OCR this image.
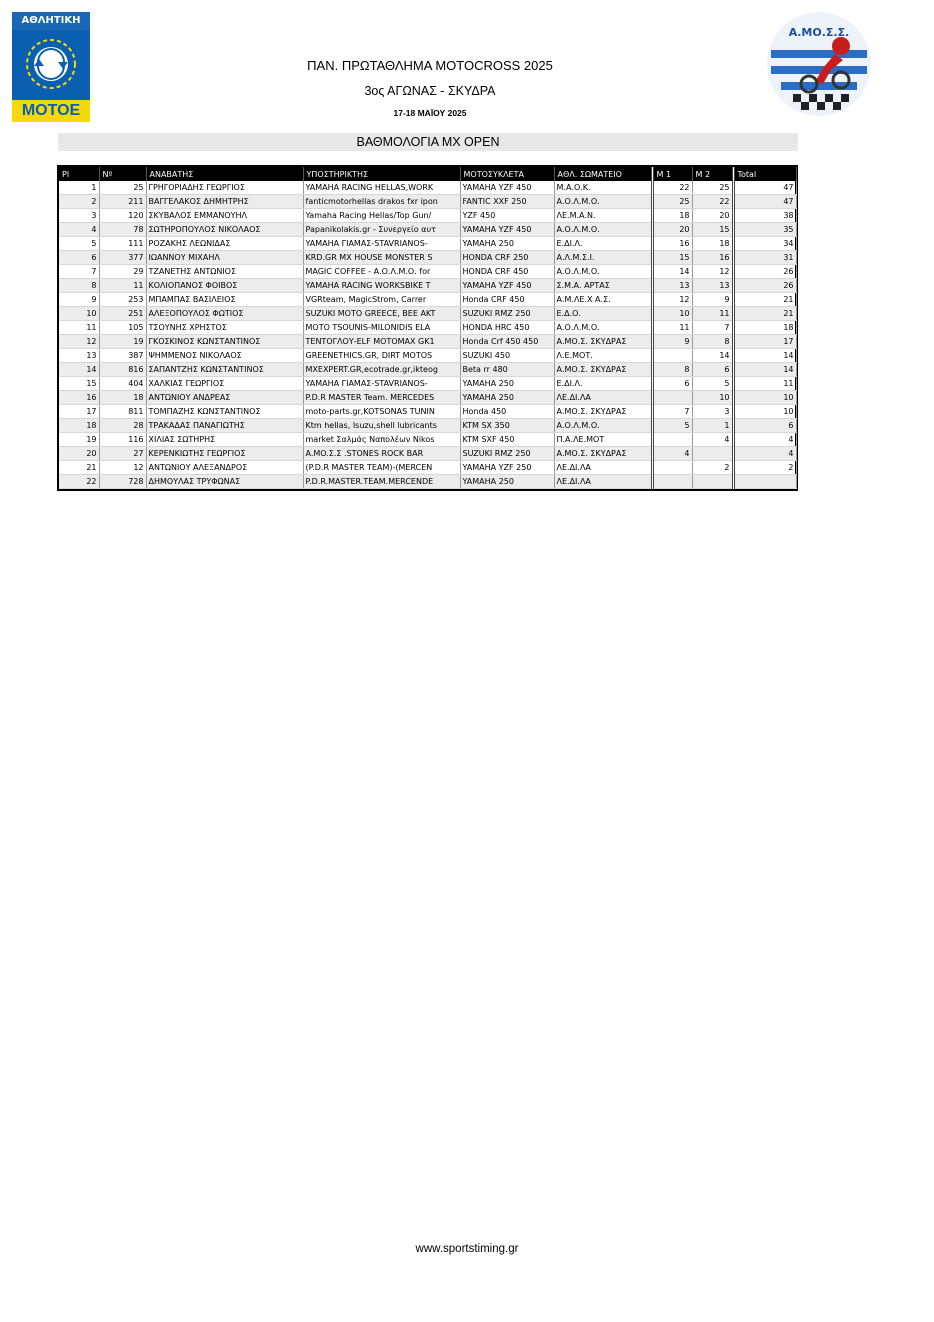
ΑΘΛΗΤΙΚΗ
ΜΟΤΟΕ
Α.ΜΟ.Σ.Σ.
ΠΑΝ. ΠΡΩΤΑΘΛΗΜΑ MOTOCROSS 2025
3ος ΑΓΩΝΑΣ - ΣΚΥΔΡΑ
17-18 ΜΑΪΟΥ 2025
ΒΑΘΜΟΛΟΓΙΑ MX OPEN
Pl	Nº	ΑΝΑΒΑΤΗΣ	ΥΠΟΣΤΗΡΙΚΤΗΣ	ΜΟΤΟΣΥΚΛΕΤΑ	ΑΘΛ. ΣΩΜΑΤΕΙΟ	M 1	M 2	Total
1	25	ΓΡΗΓΟΡΙΑΔΗΣ ΓΕΩΡΓΙΟΣ	YAMAHA RACING HELLAS,WORK	YAMAHA YZF 450	Μ.Α.Ο.Κ.	22	25	47
2	211	ΒΑΓΓΕΛΑΚΟΣ ΔΗΜΗΤΡΗΣ	fanticmotorhellas drakos fxr ipon	FANTIC XXF 250	Α.Ο.Λ.Μ.Ο.	25	22	47
3	120	ΣΚΥΒΑΛΟΣ ΕΜΜΑΝΟΥΗΛ	Yamaha Racing Hellas/Top Gun/	YZF 450	ΛΕ.Μ.Α.Ν.	18	20	38
4	78	ΣΩΤΗΡΟΠΟΥΛΟΣ ΝΙΚΟΛΑΟΣ	Papanikolakis.gr - Συνεργείο αυτ	YAMAHA YZF 450	Α.Ο.Λ.Μ.Ο.	20	15	35
5	111	ΡΟΖΑΚΗΣ ΛΕΩΝΙΔΑΣ	YAMAHA ΓΙΑΜΑΣ-STAVRIANOS-	YAMAHA 250	Ε.ΔΙ.Λ.	16	18	34
6	377	ΙΩΑΝΝΟΥ ΜΙΧΑΗΛ	KRD.GR MX HOUSE MONSTER S	HONDA CRF 250	Α.Λ.Μ.Σ.Ι.	15	16	31
7	29	ΤΖΑΝΕΤΗΣ ΑΝΤΩΝΙΟΣ	MAGIC COFFEE - Α.Ο.Λ.Μ.Ο. for	HONDA CRF 450	Α.Ο.Λ.Μ.Ο.	14	12	26
8	11	ΚΟΛΙΟΠΑΝΟΣ ΦΟΙΒΟΣ	YAMAHA RACING WORKSBIKE T	YAMAHA YZF 450	Σ.Μ.Α. ΑΡΤΑΣ	13	13	26
9	253	ΜΠΑΜΠΑΣ ΒΑΣΙΛΕΙΟΣ	VGRteam, MagicStrom, Carrer	Honda CRF 450	Α.Μ.ΛΕ.Χ Α.Σ.	12	9	21
10	251	ΑΛΕΞΟΠΟΥΛΟΣ ΦΩΤΙΟΣ	SUZUKI MOTO GREECE, BEE AKT	SUZUKI RMZ 250	Ε.Δ.Ο.	10	11	21
11	105	ΤΣΟΥΝΗΣ ΧΡΗΣΤΟΣ	MOTO TSOUNIS-MILONIDIS ELA	HONDA HRC 450	Α.Ο.Λ.Μ.Ο.	11	7	18
12	19	ΓΚΟΣΚΙΝΟΣ ΚΩΝΣΤΑΝΤΙΝΟΣ	ΤΕΝΤΟΓΛΟΥ-ELF MOTOMAX GK1	Honda Crf 450 450	Α.ΜΟ.Σ. ΣΚΥΔΡΑΣ	9	8	17
13	387	ΨΗΜΜΕΝΟΣ ΝΙΚΟΛΑΟΣ	GREENETHICS.GR, DIRT MOTOS	SUZUKI 450	Λ.Ε.ΜΟΤ.		14	14
14	816	ΣΑΠΑΝΤΖΗΣ ΚΩΝΣΤΑΝΤΙΝΟΣ	MXEXPERT.GR,ecotrade.gr,ikteog	Beta rr 480	Α.ΜΟ.Σ. ΣΚΥΔΡΑΣ	8	6	14
15	404	ΧΑΛΚΙΑΣ ΓΕΩΡΓΙΟΣ	YAMAHA ΓΙΑΜΑΣ-STAVRIANOS-	YAMAHA 250	Ε.ΔΙ.Λ.	6	5	11
16	18	ΑΝΤΩΝΙΟΥ ΑΝΔΡΕΑΣ	P.D.R MASTER Team. MERCEDES	YAMAHA 250	ΛΕ.ΔΙ.ΛΑ		10	10
17	811	ΤΟΜΠΑΖΗΣ ΚΩΝΣΤΑΝΤΙΝΟΣ	moto-parts.gr,KOTSONAS TUNIN	Honda 450	Α.ΜΟ.Σ. ΣΚΥΔΡΑΣ	7	3	10
18	28	ΤΡΑΚΑΔΑΣ ΠΑΝΑΓΙΩΤΗΣ	Ktm hellas, Isuzu,shell lubricants	KTM SX 350	Α.Ο.Λ.Μ.Ο.	5	1	6
19	116	ΧΙΛΙΑΣ ΣΩΤΗΡΗΣ	market Σαλμάς Ναπολέων Nikos	KTM SXF 450	Π.Α.ΛΕ.ΜΟΤ		4	4
20	27	ΚΕΡΕΝΚΙΩΤΗΣ ΓΕΩΡΓΙΟΣ	A.MO.Σ.Σ .STONES ROCK BAR	SUZUKI RMZ 250	Α.ΜΟ.Σ. ΣΚΥΔΡΑΣ	4		4
21	12	ΑΝΤΩΝΙΟΥ ΑΛΕΞΑΝΔΡΟΣ	(P.D.R MASTER TEAM)-(MERCEN	YAMAHA YZF 250	ΛΕ.ΔΙ.ΛΑ		2	2
22	728	ΔΗΜΟΥΛΑΣ ΤΡΥΦΩΝΑΣ	P.D.R.MASTER.TEAM.MERCENDE	YAMAHA 250	ΛΕ.ΔΙ.ΛΑ			
www.sportstiming.gr
